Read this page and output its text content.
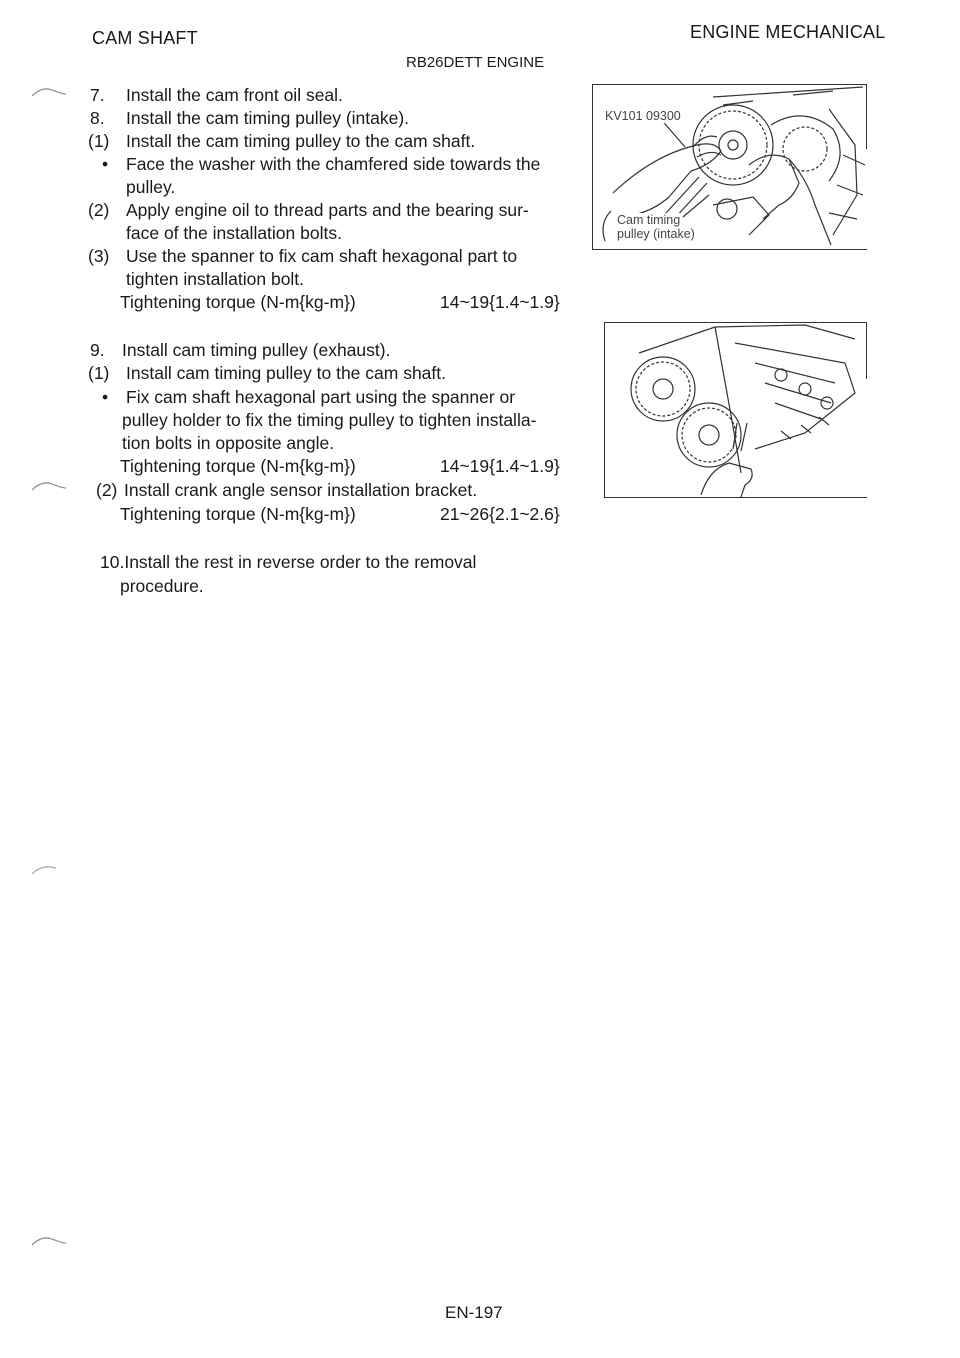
CAM SHAFT	ENGINE MECHANICAL
RB26DETT ENGINE
7. Install the cam front oil seal.
8. Install the cam timing pulley (intake).
(1) Install the cam timing pulley to the cam shaft.
• Face the washer with the chamfered side towards the
pulley.
(2) Apply engine oil to thread parts and the bearing sur-
face of the installation bolts.
(3) Use the spanner to fix cam shaft hexagonal part to
tighten installation bolt.
Tightening torque (N-m{kg-m})	14~19{1.4~1.9}
9. Install cam timing pulley (exhaust).
(1) Install cam timing pulley to the cam shaft.
• Fix cam shaft hexagonal part using the spanner or
pulley holder to fix the timing pulley to tighten installa-
tion bolts in opposite angle.
Tightening torque (N-m{kg-m})	14~19{1.4~1.9}
(2) Install crank angle sensor installation bracket.
Tightening torque (N-m{kg-m})	21~26{2.1~2.6}
10.Install the rest in reverse order to the removal
procedure.
KV101 09300
Cam timing
pulley (intake)
EN-197
